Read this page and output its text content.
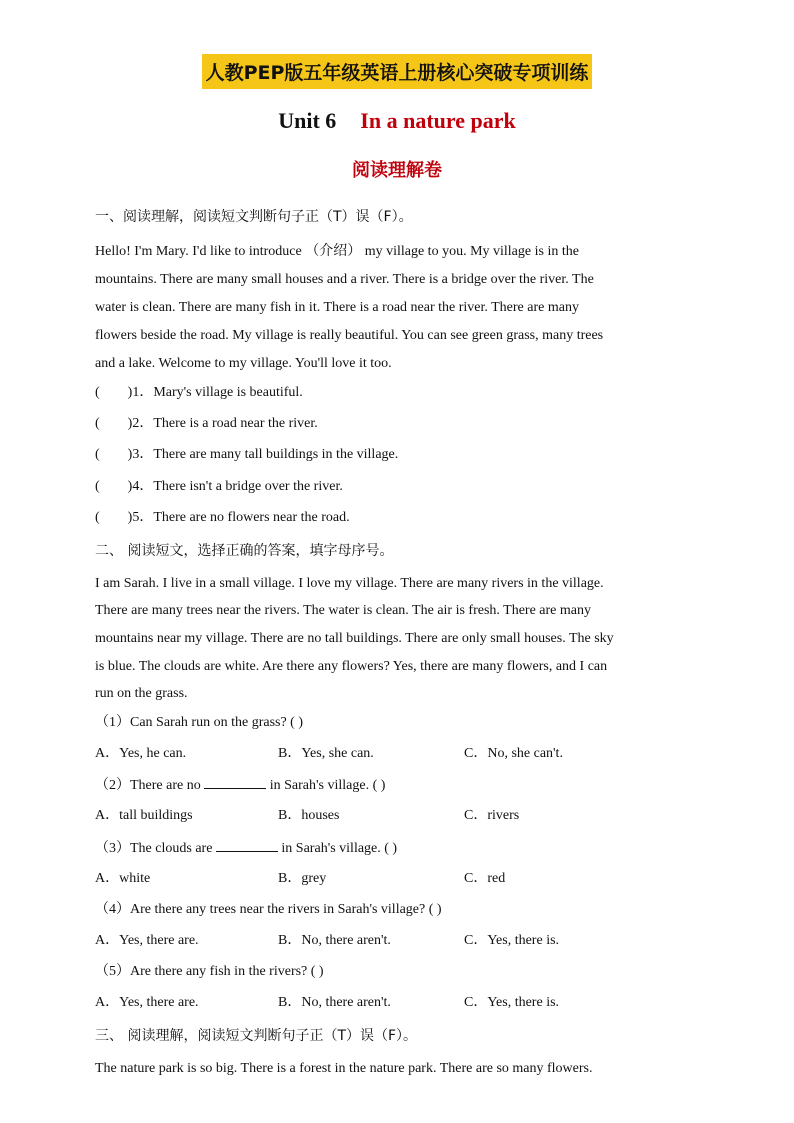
人教PEP版五年级英语上册核心突破专项训练
Unit 6 In a nature park
阅读理解卷
一、阅读理解，阅读短文判断句子正（T）误（F）。
Hello! I'm Mary. I'd like to introduce （介绍） my village to you. My village is in the
mountains. There are many small houses and a river. There is a bridge over the river. The
water is clean. There are many fish in it. There is a road near the river. There are many
flowers beside the road. My village is really beautiful. You can see green grass, many trees
and a lake. Welcome to my village. You'll love it too.
(　　)1．Mary's village is beautiful.
(　　)2．There is a road near the river.
(　　)3．There are many tall buildings in the village.
(　　)4．There isn't a bridge over the river.
(　　)5．There are no flowers near the road.
二、 阅读短文，选择正确的答案，填字母序号。
I am Sarah. I live in a small village. I love my village. There are many rivers in the village.
There are many trees near the rivers. The water is clean. The air is fresh. There are many
mountains near my village. There are no tall buildings. There are only small houses. The sky
is blue. The clouds are white. Are there any flowers? Yes, there are many flowers, and I can
run on the grass.
（1）Can Sarah run on the grass? ( )
A．Yes, he can.	B．Yes, she can.	C．No, she can't.
（2）There are no	in Sarah's village. ( )
A．tall buildings	B．houses	C．rivers
（3）The clouds are	in Sarah's village. ( )
A．white	B．grey	C．red
（4）Are there any trees near the rivers in Sarah's village? ( )
A．Yes, there are.	B．No, there aren't.	C．Yes, there is.
（5）Are there any fish in the rivers? ( )
A．Yes, there are.	B．No, there aren't.	C．Yes, there is.
三、 阅读理解，阅读短文判断句子正（T）误（F）。
The nature park is so big. There is a forest in the nature park. There are so many flowers.
